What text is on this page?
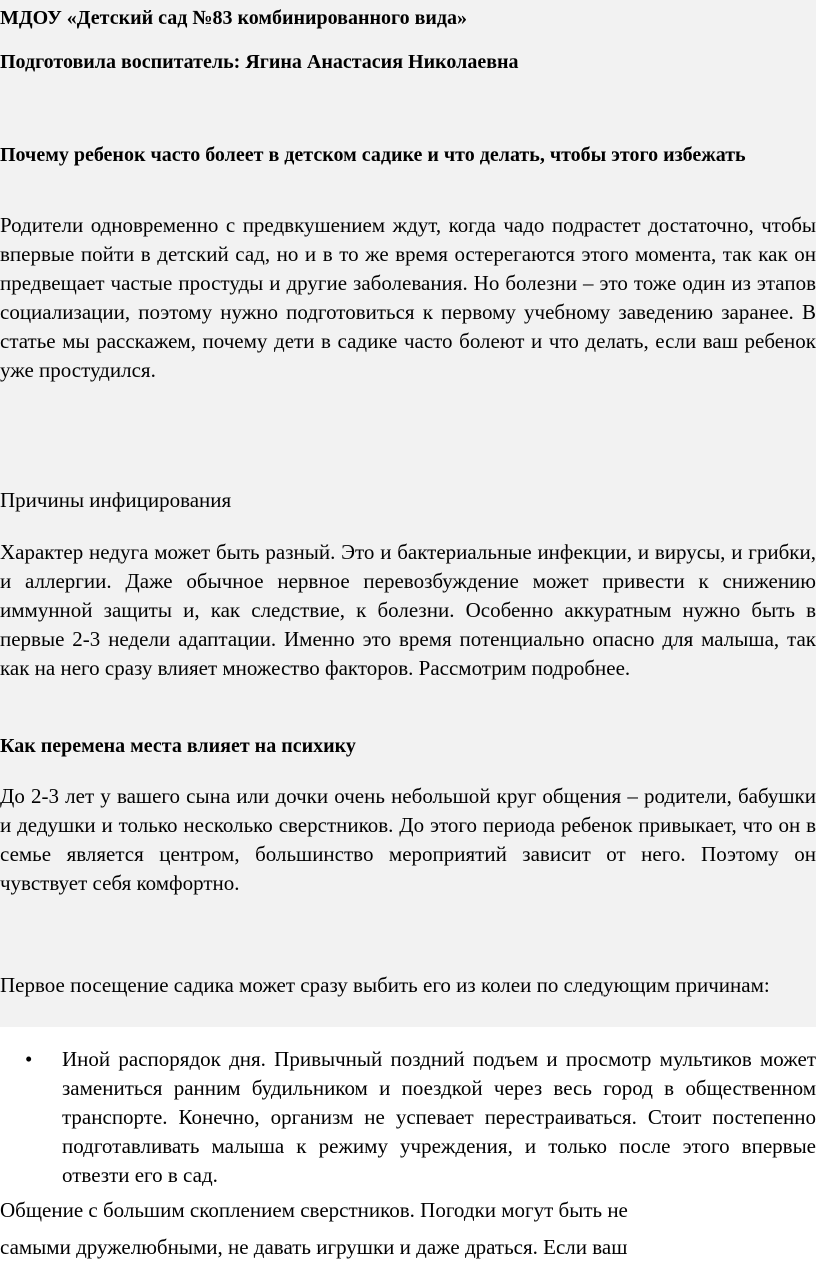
МДОУ «Детский сад №83 комбинированного вида»

Подготовила воспитатель: Ягина Анастасия Николаевна

Почему ребенок часто болеет в детском садике и что делать, чтобы этого избежать

Родители одновременно с предвкушением ждут, когда чадо подрастет достаточно, чтобы впервые пойти в детский сад, но и в то же время остерегаются этого момента, так как он предвещает частые простуды и другие заболевания. Но болезни – это тоже один из этапов социализации, поэтому нужно подготовиться к первому учебному заведению заранее. В статье мы расскажем, почему дети в садике часто болеют и что делать, если ваш ребенок уже простудился.

Причины инфицирования

Характер недуга может быть разный. Это и бактериальные инфекции, и вирусы, и грибки, и аллергии. Даже обычное нервное перевозбуждение может привести к снижению иммунной защиты и, как следствие, к болезни. Особенно аккуратным нужно быть в первые 2-3 недели адаптации. Именно это время потенциально опасно для малыша, так как на него сразу влияет множество факторов. Рассмотрим подробнее.

Как перемена места влияет на психику

До 2-3 лет у вашего сына или дочки очень небольшой круг общения – родители, бабушки и дедушки и только несколько сверстников. До этого периода ребенок привыкает, что он в семье является центром, большинство мероприятий зависит от него. Поэтому он чувствует себя комфортно.

Первое посещение садика может сразу выбить его из колеи по следующим причинам:

• Иной распорядок дня. Привычный поздний подъем и просмотр мультиков может замениться ранним будильником и поездкой через весь город в общественном транспорте. Конечно, организм не успевает перестраиваться. Стоит постепенно подготавливать малыша к режиму учреждения, и только после этого впервые отвезти его в сад.

Общение с большим скоплением сверстников. Погодки могут быть не

самыми дружелюбными, не давать игрушки и даже драться. Если ваш
